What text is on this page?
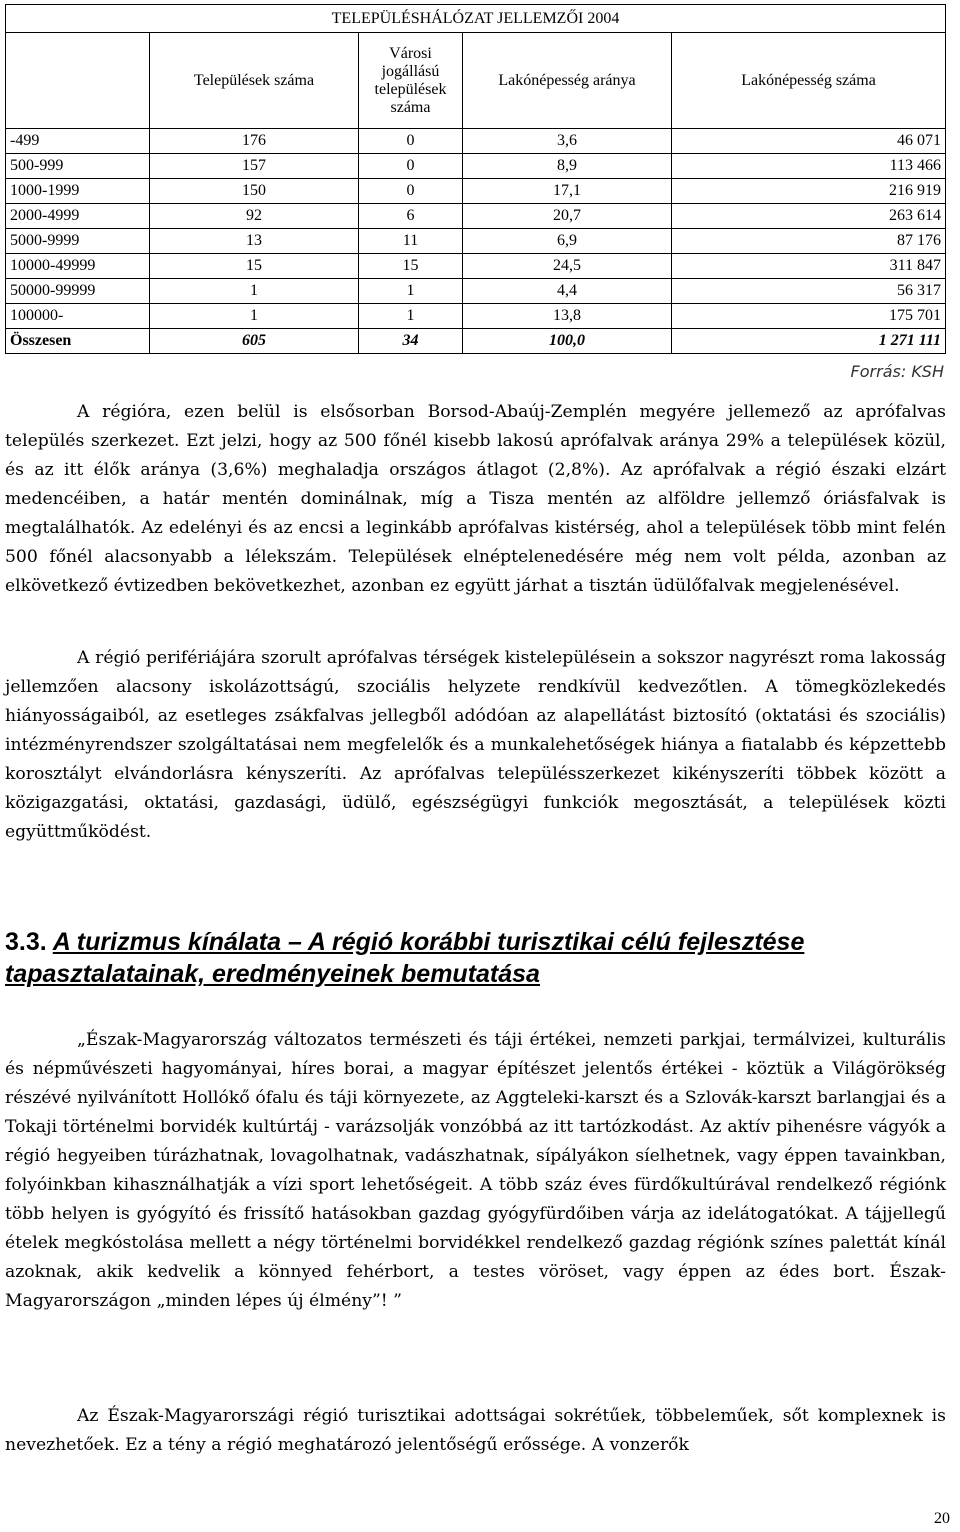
TELEPÜLÉSHÁLÓZAT JELLEMZŐI 2004				
	Települések száma	Városi jogállású települések száma	Lakónépesség aránya	Lakónépesség száma
-499	176	0	3,6	46 071
500-999	157	0	8,9	113 466
1000-1999	150	0	17,1	216 919
2000-4999	92	6	20,7	263 614
5000-9999	13	11	6,9	87 176
10000-49999	15	15	24,5	311 847
50000-99999	1	1	4,4	56 317
100000-	1	1	13,8	175 701
Összesen	605	34	100,0	1 271 111
Forrás: KSH

A régióra, ezen belül is elsősorban Borsod-Abaúj-Zemplén megyére jellemező az aprófalvas település szerkezet. Ezt jelzi, hogy az 500 főnél kisebb lakosú aprófalvak aránya 29% a települések közül, és az itt élők aránya (3,6%) meghaladja országos átlagot (2,8%). Az aprófalvak a régió északi elzárt medencéiben, a határ mentén dominálnak, míg a Tisza mentén az alföldre jellemző óriásfalvak is megtalálhatók. Az edelényi és az encsi a leginkább aprófalvas kistérség, ahol a települések több mint felén 500 főnél alacsonyabb a lélekszám. Települések elnéptelenedésére még nem volt példa, azonban az elkövetkező évtizedben bekövetkezhet, azonban ez együtt járhat a tisztán üdülőfalvak megjelenésével.

A régió perifériájára szorult aprófalvas térségek kistelepülésein a sokszor nagyrészt roma lakosság jellemzően alacsony iskolázottságú, szociális helyzete rendkívül kedvezőtlen. A tömegközlekedés hiányosságaiból, az esetleges zsákfalvas jellegből adódóan az alapellátást biztosító (oktatási és szociális) intézményrendszer szolgáltatásai nem megfelelők és a munkalehetőségek hiánya a fiatalabb és képzettebb korosztályt elvándorlásra kényszeríti. Az aprófalvas településszerkezet kikényszeríti többek között a közigazgatási, oktatási, gazdasági, üdülő, egészségügyi funkciók megosztását, a települések közti együttműködést.

3.3. A turizmus kínálata – A régió korábbi turisztikai célú fejlesztése tapasztalatainak, eredményeinek bemutatása

„Észak-Magyarország változatos természeti és táji értékei, nemzeti parkjai, termálvizei, kulturális és népművészeti hagyományai, híres borai, a magyar építészet jelentős értékei - köztük a Világörökség részévé nyilvánított Hollókő ófalu és táji környezete, az Aggteleki-karszt és a Szlovák-karszt barlangjai és a Tokaji történelmi borvidék kultúrtáj - varázsolják vonzóbbá az itt tartózkodást. Az aktív pihenésre vágyók a régió hegyeiben túrázhatnak, lovagolhatnak, vadászhatnak, sípályákon síelhetnek, vagy éppen tavainkban, folyóinkban kihasználhatják a vízi sport lehetőségeit. A több száz éves fürdőkultúrával rendelkező régiónk több helyen is gyógyító és frissítő hatásokban gazdag gyógyfürdőiben várja az idelátogatókat. A tájjellegű ételek megkóstolása mellett a négy történelmi borvidékkel rendelkező gazdag régiónk színes palettát kínál azoknak, akik kedvelik a könnyed fehérbort, a testes vöröset, vagy éppen az édes bort. Észak-Magyarországon „minden lépes új élmény”! ”

Az Észak-Magyarországi régió turisztikai adottságai sokrétűek, többeleműek, sőt komplexnek is nevezhetőek. Ez a tény a régió meghatározó jelentőségű erőssége. A vonzerők

20
